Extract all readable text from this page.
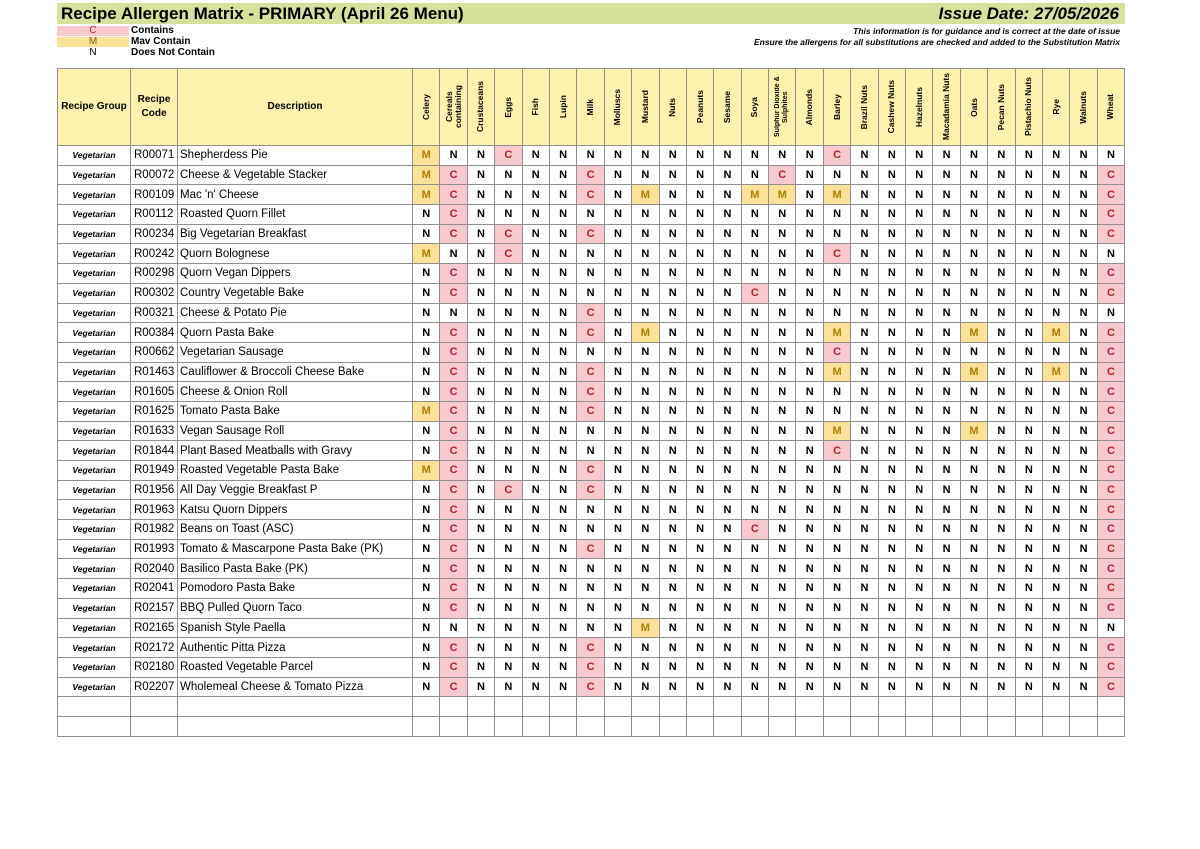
Recipe Allergen Matrix - PRIMARY (April 26 Menu)	Issue Date: 27/05/2026
C	Contains
M	Mav Contain
N	Does Not Contain
This information is for guidance and is correct at the date of issue
Ensure the allergens for all substitutions are checked and added to the Substitution Matrix
Recipe Group	Recipe Code	Description	Celery	Cereals containing	Crustaceans	Eggs	Fish	Lupin	Milk	Molluscs	Mustard	Nuts	Peanuts	Sesame	Soya	Sulphur Dioxide & Sulphites	Almonds	Barley	Brazil Nuts	Cashew Nuts	Hazelnuts	Macadamia Nuts	Oats	Pecan Nuts	Pistachio Nuts	Rye	Walnuts	Wheat

Vegetarian	R00071	Shepherdess Pie	M	N	N	C	N	N	N	N	N	N	N	N	N	N	N	C	N	N	N	N	N	N	N	N	N	N
Vegetarian	R00072	Cheese & Vegetable Stacker	M	C	N	N	N	N	C	N	N	N	N	N	N	C	N	N	N	N	N	N	N	N	N	N	N	C
Vegetarian	R00109	Mac 'n' Cheese	M	C	N	N	N	N	C	N	M	N	N	N	M	M	N	M	N	N	N	N	N	N	N	N	N	C
Vegetarian	R00112	Roasted Quorn Fillet	N	C	N	N	N	N	N	N	N	N	N	N	N	N	N	N	N	N	N	N	N	N	N	N	N	C
Vegetarian	R00234	Big Vegetarian Breakfast	N	C	N	C	N	N	C	N	N	N	N	N	N	N	N	N	N	N	N	N	N	N	N	N	N	C
Vegetarian	R00242	Quorn Bolognese	M	N	N	C	N	N	N	N	N	N	N	N	N	N	N	C	N	N	N	N	N	N	N	N	N	N
Vegetarian	R00298	Quorn Vegan Dippers	N	C	N	N	N	N	N	N	N	N	N	N	N	N	N	N	N	N	N	N	N	N	N	N	N	C
Vegetarian	R00302	Country Vegetable Bake	N	C	N	N	N	N	N	N	N	N	N	N	C	N	N	N	N	N	N	N	N	N	N	N	N	C
Vegetarian	R00321	Cheese & Potato Pie	N	N	N	N	N	N	C	N	N	N	N	N	N	N	N	N	N	N	N	N	N	N	N	N	N	N
Vegetarian	R00384	Quorn Pasta Bake	N	C	N	N	N	N	C	N	M	N	N	N	N	N	N	M	N	N	N	N	M	N	N	M	N	C
Vegetarian	R00662	Vegetarian Sausage	N	C	N	N	N	N	N	N	N	N	N	N	N	N	N	C	N	N	N	N	N	N	N	N	N	C
Vegetarian	R01463	Cauliflower & Broccoli Cheese Bake	N	C	N	N	N	N	C	N	N	N	N	N	N	N	N	M	N	N	N	N	M	N	N	M	N	C
Vegetarian	R01605	Cheese & Onion Roll	N	C	N	N	N	N	C	N	N	N	N	N	N	N	N	N	N	N	N	N	N	N	N	N	N	C
Vegetarian	R01625	Tomato Pasta Bake	M	C	N	N	N	N	C	N	N	N	N	N	N	N	N	N	N	N	N	N	N	N	N	N	N	C
Vegetarian	R01633	Vegan Sausage Roll	N	C	N	N	N	N	N	N	N	N	N	N	N	N	N	M	N	N	N	N	M	N	N	N	N	C
Vegetarian	R01844	Plant Based Meatballs with Gravy	N	C	N	N	N	N	N	N	N	N	N	N	N	N	N	C	N	N	N	N	N	N	N	N	N	C
Vegetarian	R01949	Roasted Vegetable Pasta Bake	M	C	N	N	N	N	C	N	N	N	N	N	N	N	N	N	N	N	N	N	N	N	N	N	N	C
Vegetarian	R01956	All Day Veggie Breakfast P	N	C	N	C	N	N	C	N	N	N	N	N	N	N	N	N	N	N	N	N	N	N	N	N	N	C
Vegetarian	R01963	Katsu Quorn Dippers	N	C	N	N	N	N	N	N	N	N	N	N	N	N	N	N	N	N	N	N	N	N	N	N	N	C
Vegetarian	R01982	Beans on Toast (ASC)	N	C	N	N	N	N	N	N	N	N	N	N	C	N	N	N	N	N	N	N	N	N	N	N	N	C
Vegetarian	R01993	Tomato & Mascarpone Pasta Bake (PK)	N	C	N	N	N	N	C	N	N	N	N	N	N	N	N	N	N	N	N	N	N	N	N	N	N	C
Vegetarian	R02040	Basilico Pasta Bake (PK)	N	C	N	N	N	N	N	N	N	N	N	N	N	N	N	N	N	N	N	N	N	N	N	N	N	C
Vegetarian	R02041	Pomodoro Pasta Bake	N	C	N	N	N	N	N	N	N	N	N	N	N	N	N	N	N	N	N	N	N	N	N	N	N	C
Vegetarian	R02157	BBQ Pulled Quorn Taco	N	C	N	N	N	N	N	N	N	N	N	N	N	N	N	N	N	N	N	N	N	N	N	N	N	C
Vegetarian	R02165	Spanish Style Paella	N	N	N	N	N	N	N	N	M	N	N	N	N	N	N	N	N	N	N	N	N	N	N	N	N	N
Vegetarian	R02172	Authentic Pitta Pizza	N	C	N	N	N	N	C	N	N	N	N	N	N	N	N	N	N	N	N	N	N	N	N	N	N	C
Vegetarian	R02180	Roasted Vegetable Parcel	N	C	N	N	N	N	C	N	N	N	N	N	N	N	N	N	N	N	N	N	N	N	N	N	N	C
Vegetarian	R02207	Wholemeal Cheese & Tomato Pizza	N	C	N	N	N	N	C	N	N	N	N	N	N	N	N	N	N	N	N	N	N	N	N	N	N	C
